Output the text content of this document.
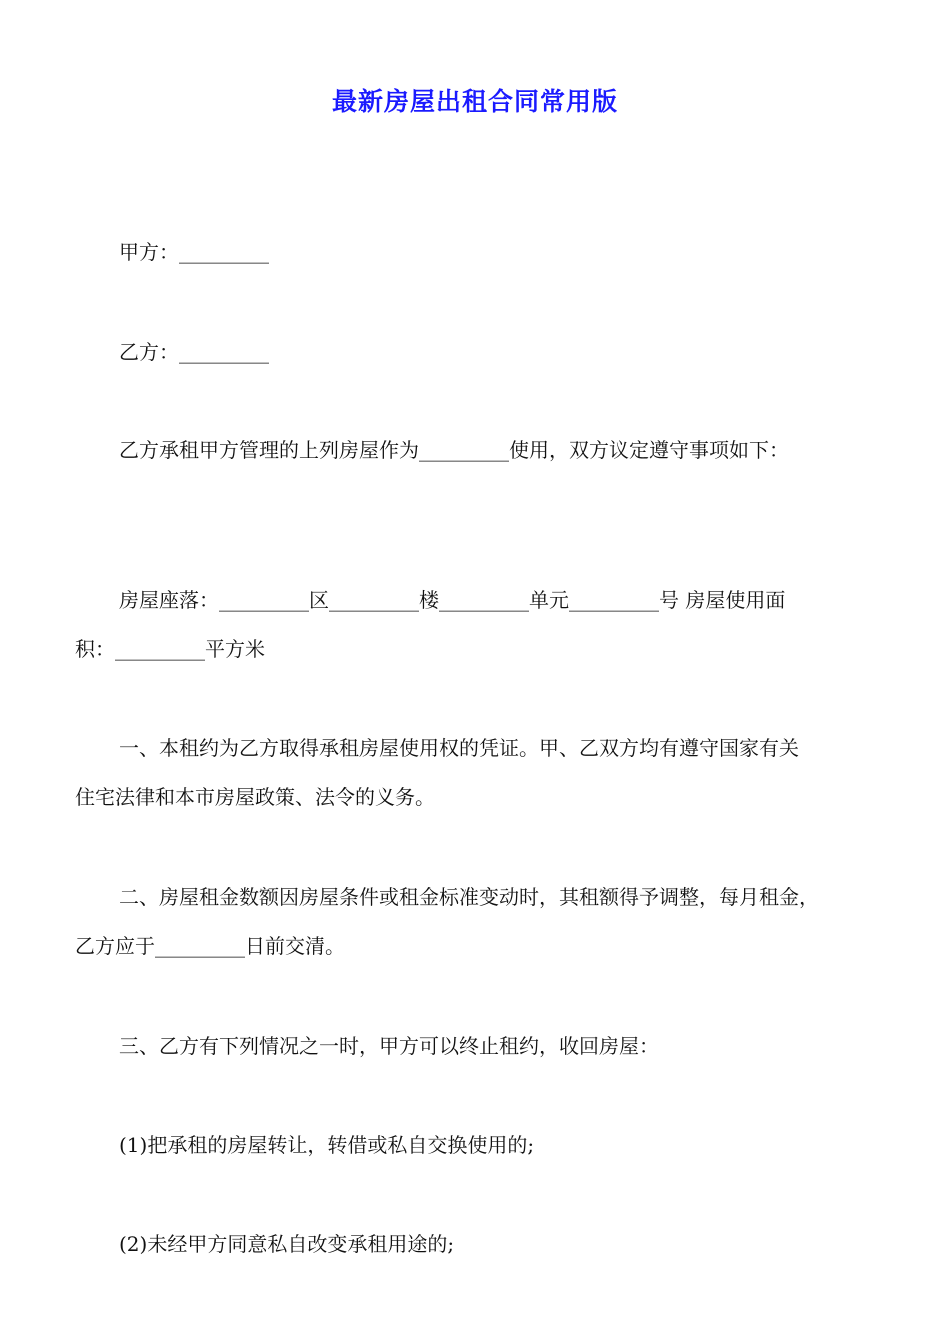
最新房屋出租合同常用版
甲方：_________
乙方：_________
乙方承租甲方管理的上列房屋作为_________使用，双方议定遵守事项如下：
房屋座落：_________区_________楼_________单元_________号 房屋使用面
积：_________平方米
一、本租约为乙方取得承租房屋使用权的凭证。甲、乙双方均有遵守国家有关
住宅法律和本市房屋政策、法令的义务。
二、房屋租金数额因房屋条件或租金标准变动时，其租额得予调整，每月租金，
乙方应于_________日前交清。
三、乙方有下列情况之一时，甲方可以终止租约，收回房屋：
(1)把承租的房屋转让，转借或私自交换使用的;
(2)未经甲方同意私自改变承租用途的;
